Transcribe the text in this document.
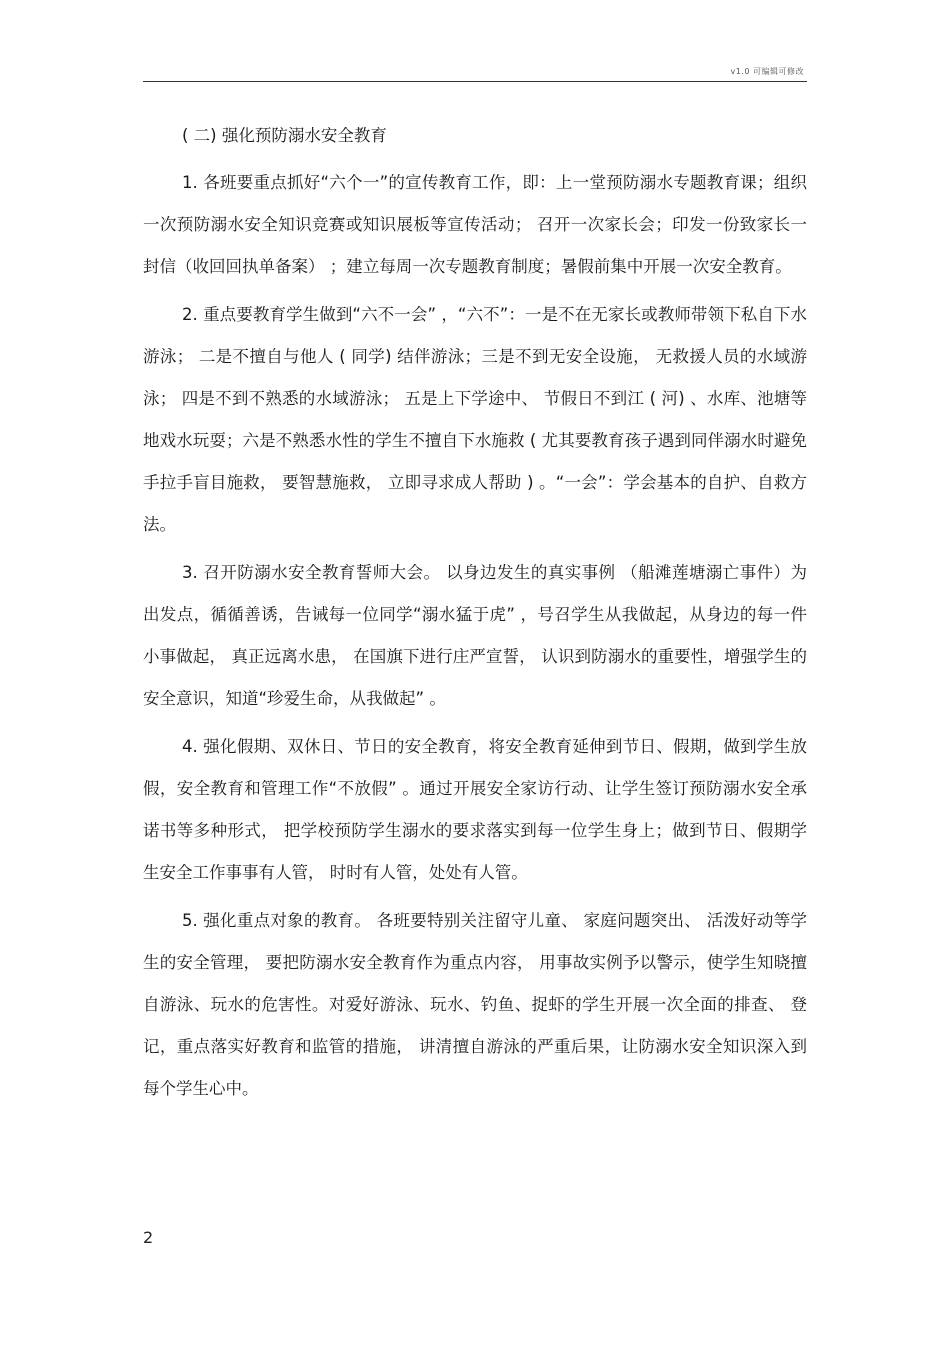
v1.0 可编辑可修改
( 二) 强化预防溺水安全教育

1. 各班要重点抓好“六个一”的宣传教育工作，即：上一堂预防溺水专题教育课；组织一次预防溺水安全知识竞赛或知识展板等宣传活动； 召开一次家长会；印发一份致家长一封信（收回回执单备案） ；建立每周一次专题教育制度；暑假前集中开展一次安全教育。

2. 重点要教育学生做到“六不一会” ，“六不”：一是不在无家长或教师带领下私自下水游泳； 二是不擅自与他人 ( 同学) 结伴游泳；三是不到无安全设施， 无救援人员的水域游泳； 四是不到不熟悉的水域游泳； 五是上下学途中、 节假日不到江 ( 河) 、水库、池塘等地戏水玩耍；六是不熟悉水性的学生不擅自下水施救 ( 尤其要教育孩子遇到同伴溺水时避免手拉手盲目施救， 要智慧施救， 立即寻求成人帮助 ) 。“一会”：学会基本的自护、自救方法。

3. 召开防溺水安全教育誓师大会。 以身边发生的真实事例 （船滩莲塘溺亡事件）为出发点，循循善诱，告诫每一位同学“溺水猛于虎” ，号召学生从我做起，从身边的每一件小事做起， 真正远离水患， 在国旗下进行庄严宣誓， 认识到防溺水的重要性，增强学生的安全意识，知道“珍爱生命，从我做起” 。

4. 强化假期、双休日、节日的安全教育，将安全教育延伸到节日、假期，做到学生放假，安全教育和管理工作“不放假” 。通过开展安全家访行动、让学生签订预防溺水安全承诺书等多种形式， 把学校预防学生溺水的要求落实到每一位学生身上；做到节日、假期学生安全工作事事有人管， 时时有人管，处处有人管。

5. 强化重点对象的教育。 各班要特别关注留守儿童、 家庭问题突出、 活泼好动等学生的安全管理， 要把防溺水安全教育作为重点内容， 用事故实例予以警示，使学生知晓擅自游泳、玩水的危害性。对爱好游泳、玩水、钓鱼、捉虾的学生开展一次全面的排查、 登记，重点落实好教育和监管的措施， 讲清擅自游泳的严重后果，让防溺水安全知识深入到每个学生心中。

2
